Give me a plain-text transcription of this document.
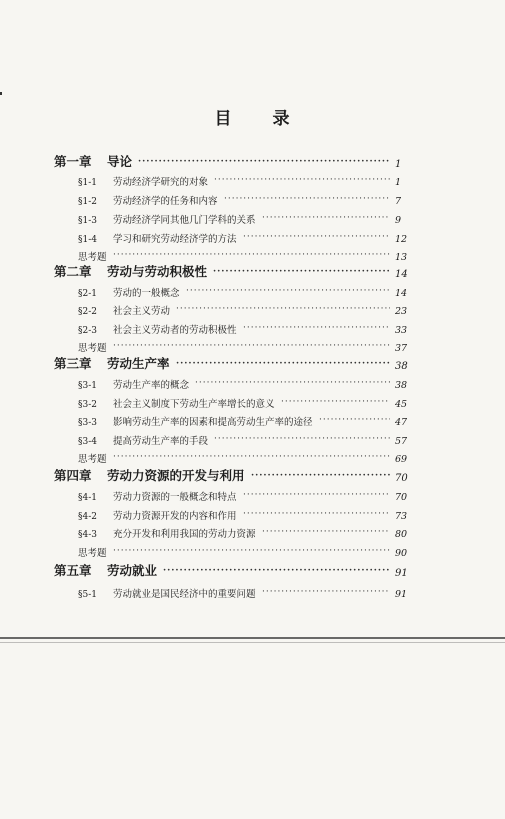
目 录
第一章 导论 ·····	1
§1-1 劳动经济学研究的对象 ·····	1
§1-2 劳动经济学的任务和内容 ·····	7
§1-3 劳动经济学同其他几门学科的关系 ·····	9
§1-4 学习和研究劳动经济学的方法 ·····	12
思考题 ·····	13
第二章 劳动与劳动积极性 ·····	14
§2-1 劳动的一般概念 ·····	14
§2-2 社会主义劳动 ·····	23
§2-3 社会主义劳动者的劳动积极性 ·····	33
思考题 ·····	37
第三章 劳动生产率 ·····	38
§3-1 劳动生产率的概念 ·····	38
§3-2 社会主义制度下劳动生产率增长的意义 ·····	45
§3-3 影响劳动生产率的因素和提高劳动生产率的途径 ·····	47
§3-4 提高劳动生产率的手段 ·····	57
思考题 ·····	69
第四章 劳动力资源的开发与利用 ·····	70
§4-1 劳动力资源的一般概念和特点 ·····	70
§4-2 劳动力资源开发的内容和作用 ·····	73
§4-3 充分开发和利用我国的劳动力资源 ·····	80
思考题 ·····	90
第五章 劳动就业 ·····	91
§5-1 劳动就业是国民经济中的重要问题 ·····	91
